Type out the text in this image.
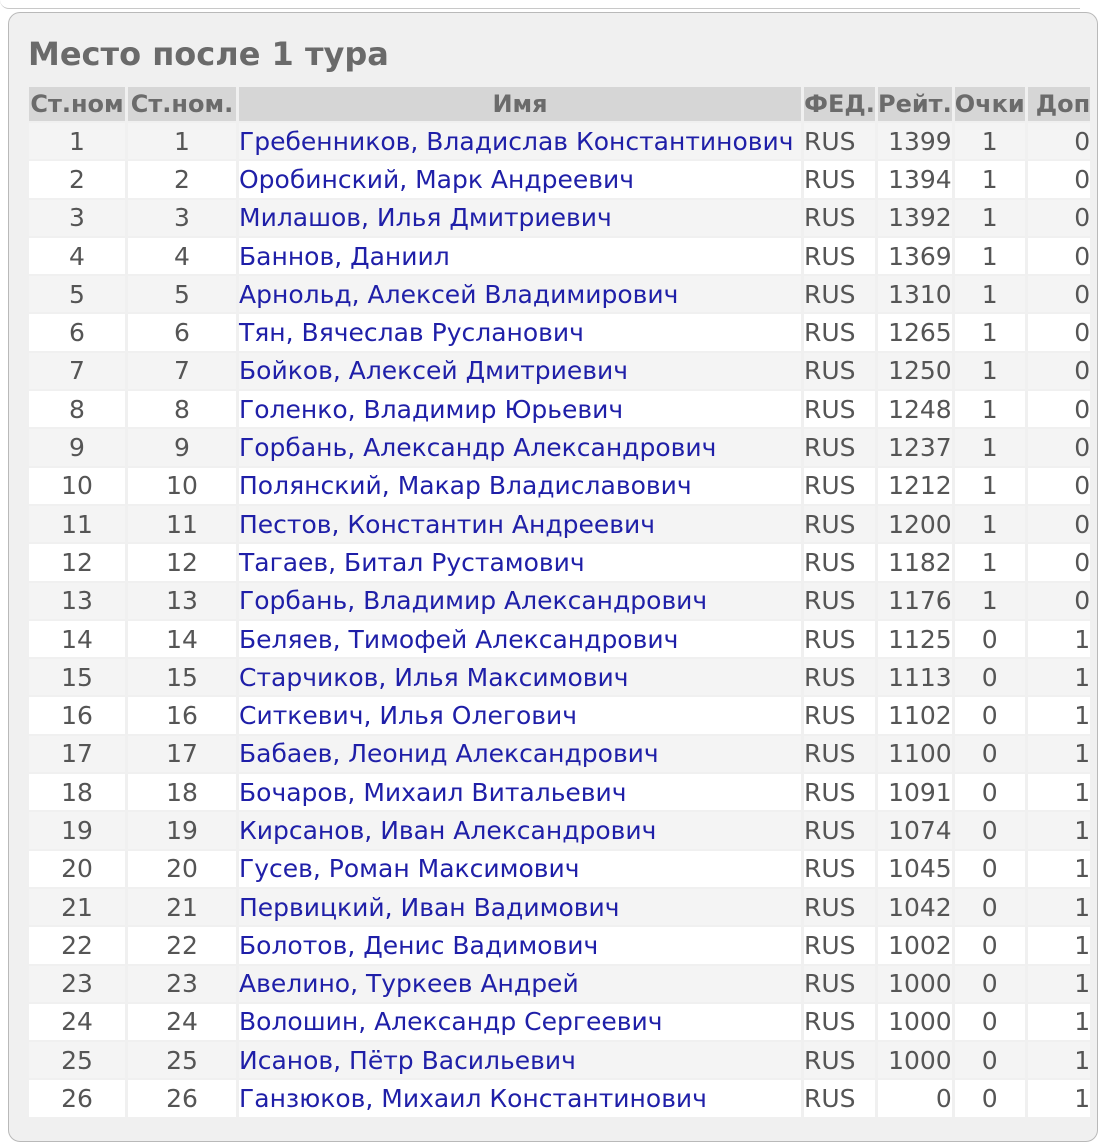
Место после 1 тура
Ст.ном	Ст.ном.	Имя	ФЕД.	Рейт.	Очки	Доп
1	1	Гребенников, Владислав Константинович	RUS	1399	1	0
2	2	Оробинский, Марк Андреевич	RUS	1394	1	0
3	3	Милашов, Илья Дмитриевич	RUS	1392	1	0
4	4	Баннов, Даниил	RUS	1369	1	0
5	5	Арнольд, Алексей Владимирович	RUS	1310	1	0
6	6	Тян, Вячеслав Русланович	RUS	1265	1	0
7	7	Бойков, Алексей Дмитриевич	RUS	1250	1	0
8	8	Голенко, Владимир Юрьевич	RUS	1248	1	0
9	9	Горбань, Александр Александрович	RUS	1237	1	0
10	10	Полянский, Макар Владиславович	RUS	1212	1	0
11	11	Пестов, Константин Андреевич	RUS	1200	1	0
12	12	Тагаев, Битал Рустамович	RUS	1182	1	0
13	13	Горбань, Владимир Александрович	RUS	1176	1	0
14	14	Беляев, Тимофей Александрович	RUS	1125	0	1
15	15	Старчиков, Илья Максимович	RUS	1113	0	1
16	16	Ситкевич, Илья Олегович	RUS	1102	0	1
17	17	Бабаев, Леонид Александрович	RUS	1100	0	1
18	18	Бочаров, Михаил Витальевич	RUS	1091	0	1
19	19	Кирсанов, Иван Александрович	RUS	1074	0	1
20	20	Гусев, Роман Максимович	RUS	1045	0	1
21	21	Первицкий, Иван Вадимович	RUS	1042	0	1
22	22	Болотов, Денис Вадимович	RUS	1002	0	1
23	23	Авелино, Туркеев Андрей	RUS	1000	0	1
24	24	Волошин, Александр Сергеевич	RUS	1000	0	1
25	25	Исанов, Пётр Васильевич	RUS	1000	0	1
26	26	Ганзюков, Михаил Константинович	RUS	0	0	1
